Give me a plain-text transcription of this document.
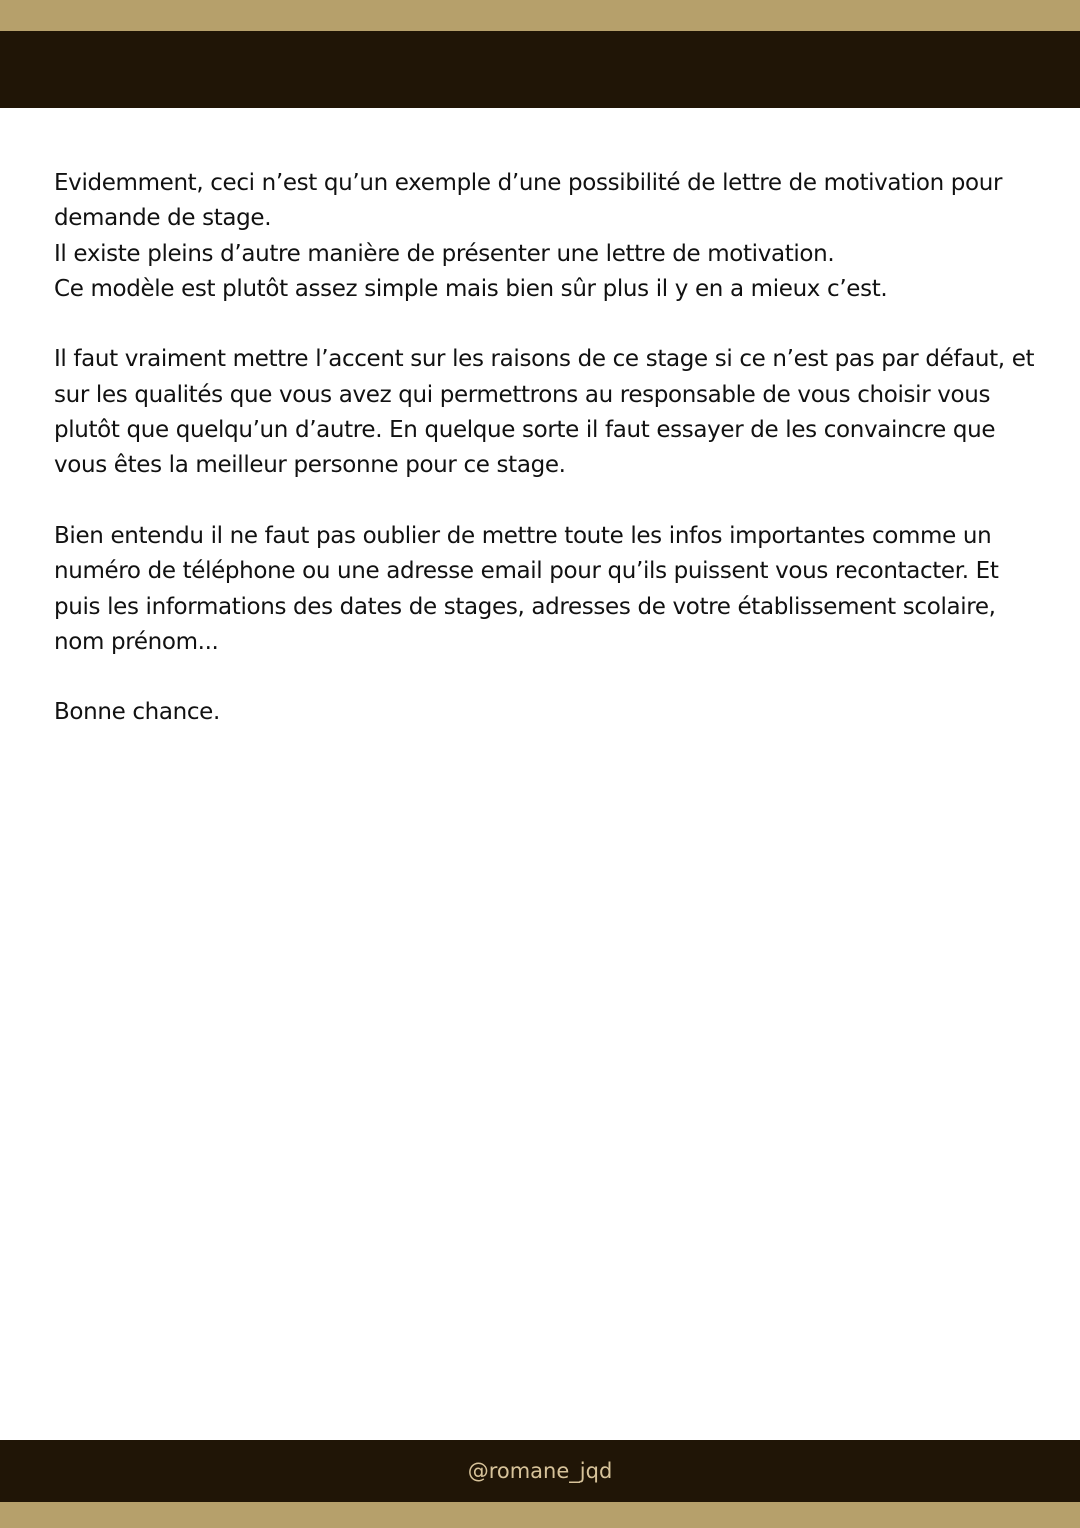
Evidemment, ceci n’est qu’un exemple d’une possibilité de lettre de motivation pour
demande de stage.
Il existe pleins d’autre manière de présenter une lettre de motivation.
Ce modèle est plutôt assez simple mais bien sûr plus il y en a mieux c’est.

Il faut vraiment mettre l’accent sur les raisons de ce stage si ce n’est pas par défaut, et
sur les qualités que vous avez qui permettrons au responsable de vous choisir vous
plutôt que quelqu’un d’autre. En quelque sorte il faut essayer de les convaincre que
vous êtes la meilleur personne pour ce stage.

Bien entendu il ne faut pas oublier de mettre toute les infos importantes comme un
numéro de téléphone ou une adresse email pour qu’ils puissent vous recontacter. Et
puis les informations des dates de stages, adresses de votre établissement scolaire,
nom prénom...

Bonne chance.

@romane_jqd
